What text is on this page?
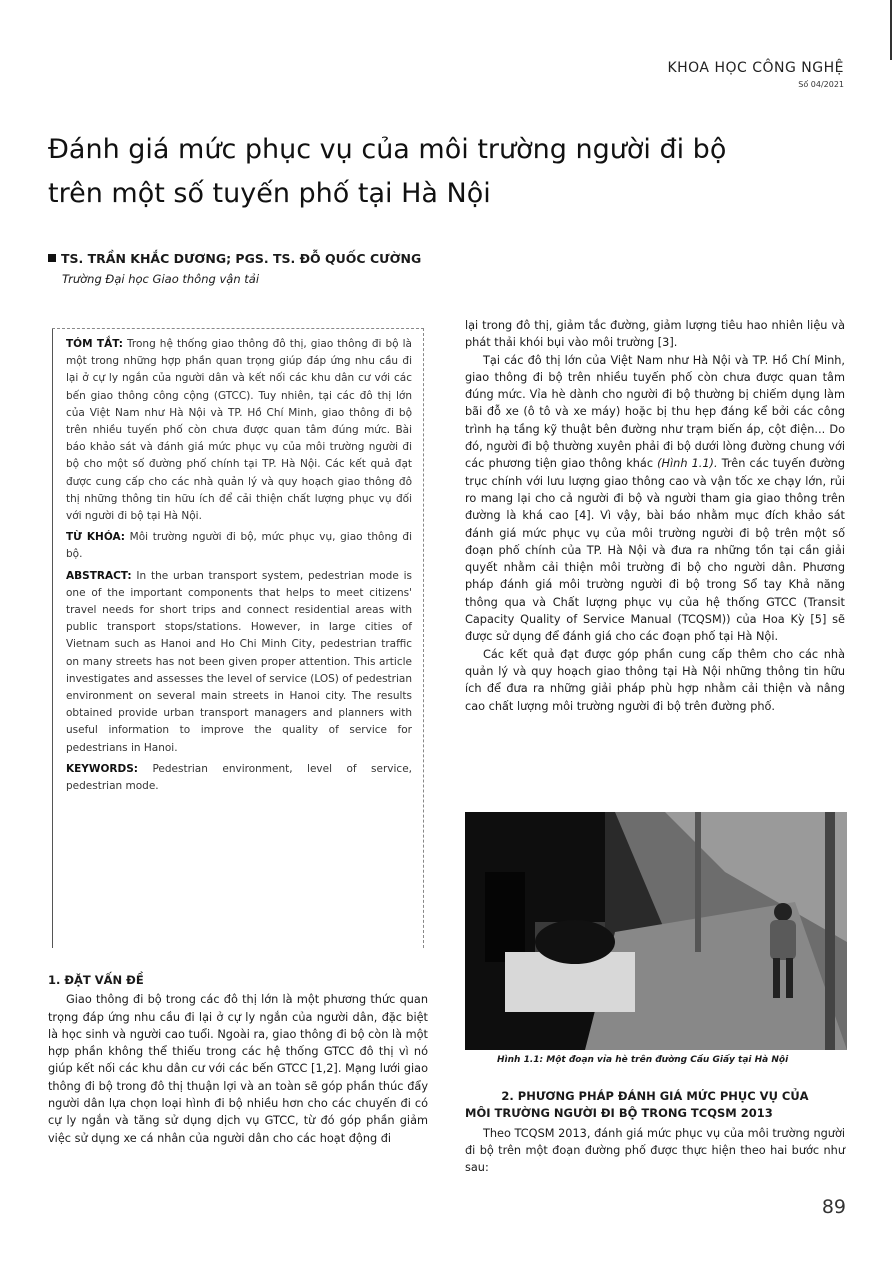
KHOA HỌC CÔNG NGHỆ
Số 04/2021
Đánh giá mức phục vụ của môi trường người đi bộ
trên một số tuyến phố tại Hà Nội
TS. TRẦN KHẮC DƯƠNG; PGS. TS. ĐỖ QUỐC CƯỜNG
Trường Đại học Giao thông vận tải

TÓM TẮT: Trong hệ thống giao thông đô thị, giao thông đi bộ là một trong những hợp phần quan trọng giúp đáp ứng nhu cầu đi lại ở cự ly ngắn của người dân và kết nối các khu dân cư với các bến giao thông công cộng (GTCC). Tuy nhiên, tại các đô thị lớn của Việt Nam như Hà Nội và TP. Hồ Chí Minh, giao thông đi bộ trên nhiều tuyến phố còn chưa được quan tâm đúng mức. Bài báo khảo sát và đánh giá mức phục vụ của môi trường người đi bộ cho một số đường phố chính tại TP. Hà Nội. Các kết quả đạt được cung cấp cho các nhà quản lý và quy hoạch giao thông đô thị những thông tin hữu ích để cải thiện chất lượng phục vụ đối với người đi bộ tại Hà Nội.

TỪ KHÓA: Môi trường người đi bộ, mức phục vụ, giao thông đi bộ.

ABSTRACT: In the urban transport system, pedestrian mode is one of the important components that helps to meet citizens' travel needs for short trips and connect residential areas with public transport stops/stations. However, in large cities of Vietnam such as Hanoi and Ho Chi Minh City, pedestrian traffic on many streets has not been given proper attention. This article investigates and assesses the level of service (LOS) of pedestrian environment on several main streets in Hanoi city. The results obtained provide urban transport managers and planners with useful information to improve the quality of service for pedestrians in Hanoi.

KEYWORDS: Pedestrian environment, level of service, pedestrian mode.

1. ĐẶT VẤN ĐỀ

Giao thông đi bộ trong các đô thị lớn là một phương thức quan trọng đáp ứng nhu cầu đi lại ở cự ly ngắn của người dân, đặc biệt là học sinh và người cao tuổi. Ngoài ra, giao thông đi bộ còn là một hợp phần không thể thiếu trong các hệ thống GTCC đô thị vì nó giúp kết nối các khu dân cư với các bến GTCC [1,2]. Mạng lưới giao thông đi bộ trong đô thị thuận lợi và an toàn sẽ góp phần thúc đẩy người dân lựa chọn loại hình đi bộ nhiều hơn cho các chuyến đi có cự ly ngắn và tăng sử dụng dịch vụ GTCC, từ đó góp phần giảm việc sử dụng xe cá nhân của người dân cho các hoạt động đi

lại trong đô thị, giảm tắc đường, giảm lượng tiêu hao nhiên liệu và phát thải khói bụi vào môi trường [3].

Tại các đô thị lớn của Việt Nam như Hà Nội và TP. Hồ Chí Minh, giao thông đi bộ trên nhiều tuyến phố còn chưa được quan tâm đúng mức. Vỉa hè dành cho người đi bộ thường bị chiếm dụng làm bãi đỗ xe (ô tô và xe máy) hoặc bị thu hẹp đáng kể bởi các công trình hạ tầng kỹ thuật bên đường như trạm biến áp, cột điện... Do đó, người đi bộ thường xuyên phải đi bộ dưới lòng đường chung với các phương tiện giao thông khác (Hình 1.1). Trên các tuyến đường trục chính với lưu lượng giao thông cao và vận tốc xe chạy lớn, rủi ro mang lại cho cả người đi bộ và người tham gia giao thông trên đường là khá cao [4]. Vì vậy, bài báo nhằm mục đích khảo sát đánh giá mức phục vụ của môi trường người đi bộ trên một số đoạn phố chính của TP. Hà Nội và đưa ra những tồn tại cần giải quyết nhằm cải thiện môi trường đi bộ cho người dân. Phương pháp đánh giá môi trường người đi bộ trong Sổ tay Khả năng thông qua và Chất lượng phục vụ của hệ thống GTCC (Transit Capacity Quality of Service Manual (TCQSM)) của Hoa Kỳ [5] sẽ được sử dụng để đánh giá cho các đoạn phố tại Hà Nội.

Các kết quả đạt được góp phần cung cấp thêm cho các nhà quản lý và quy hoạch giao thông tại Hà Nội những thông tin hữu ích để đưa ra những giải pháp phù hợp nhằm cải thiện và nâng cao chất lượng môi trường người đi bộ trên đường phố.

Hình 1.1: Một đoạn vỉa hè trên đường Cầu Giấy tại Hà Nội
2. PHƯƠNG PHÁP ĐÁNH GIÁ MỨC PHỤC VỤ CỦA
MÔI TRƯỜNG NGƯỜI ĐI BỘ TRONG TCQSM 2013

Theo TCQSM 2013, đánh giá mức phục vụ của môi trường người đi bộ trên một đoạn đường phố được thực hiện theo hai bước như sau:

89
